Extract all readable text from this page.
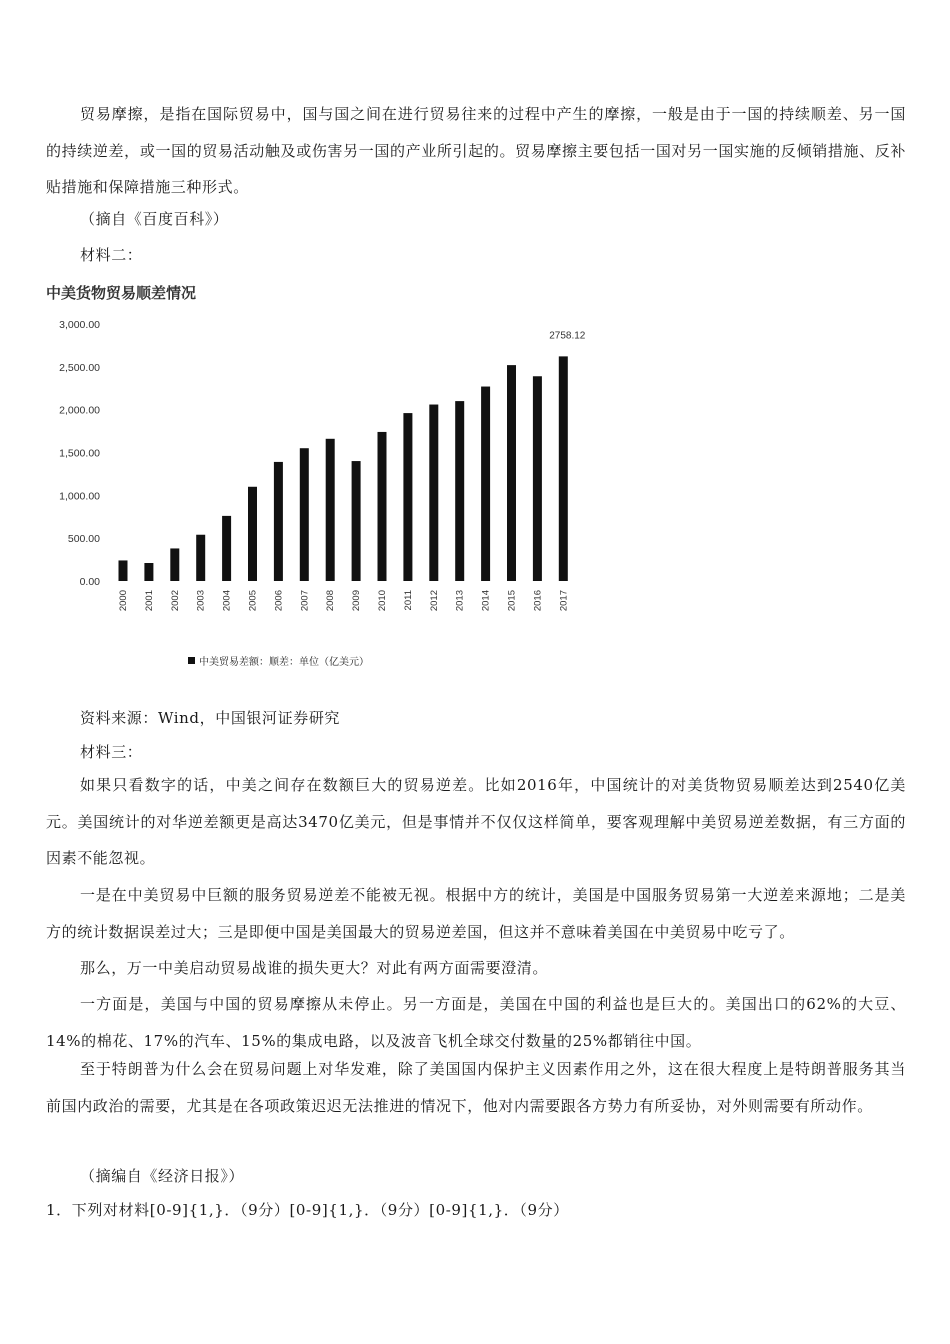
贸易摩擦，是指在国际贸易中，国与国之间在进行贸易往来的过程中产生的摩擦，一般是由于一国的持续顺差、另一国的持续逆差，或一国的贸易活动触及或伤害另一国的产业所引起的。贸易摩擦主要包括一国对另一国实施的反倾销措施、反补贴措施和保障措施三种形式。

（摘自《百度百科》）

材料二：

中美货物贸易顺差情况
0.00
500.00
1,000.00
1,500.00
2,000.00
2,500.00
3,000.00
2000 2001 2002 2003 2004 2005 2006 2007 2008 2009 2010 2011 2012 2013 2014 2015 2016 2017
2758.12
中美贸易差额：顺差：单位（亿美元）

资料来源：Wind，中国银河证券研究

材料三：

如果只看数字的话，中美之间存在数额巨大的贸易逆差。比如2016年，中国统计的对美货物贸易顺差达到2540亿美元。美国统计的对华逆差额更是高达3470亿美元，但是事情并不仅仅这样简单，要客观理解中美贸易逆差数据，有三方面的因素不能忽视。

一是在中美贸易中巨额的服务贸易逆差不能被无视。根据中方的统计，美国是中国服务贸易第一大逆差来源地；二是美方的统计数据误差过大；三是即便中国是美国最大的贸易逆差国，但这并不意味着美国在中美贸易中吃亏了。

那么，万一中美启动贸易战谁的损失更大？对此有两方面需要澄清。

一方面是，美国与中国的贸易摩擦从未停止。另一方面是，美国在中国的利益也是巨大的。美国出口的62%的大豆、14%的棉花、17%的汽车、15%的集成电路，以及波音飞机全球交付数量的25%都销往中国。

至于特朗普为什么会在贸易问题上对华发难，除了美国国内保护主义因素作用之外，这在很大程度上是特朗普服务其当前国内政治的需要，尤其是在各项政策迟迟无法推进的情况下，他对内需要跟各方势力有所妥协，对外则需要有所动作。

（摘编自《经济日报》）

1．下列对材料[0-9]{1,}．（9分）[0-9]{1,}．（9分）[0-9]{1,}．（9分）
